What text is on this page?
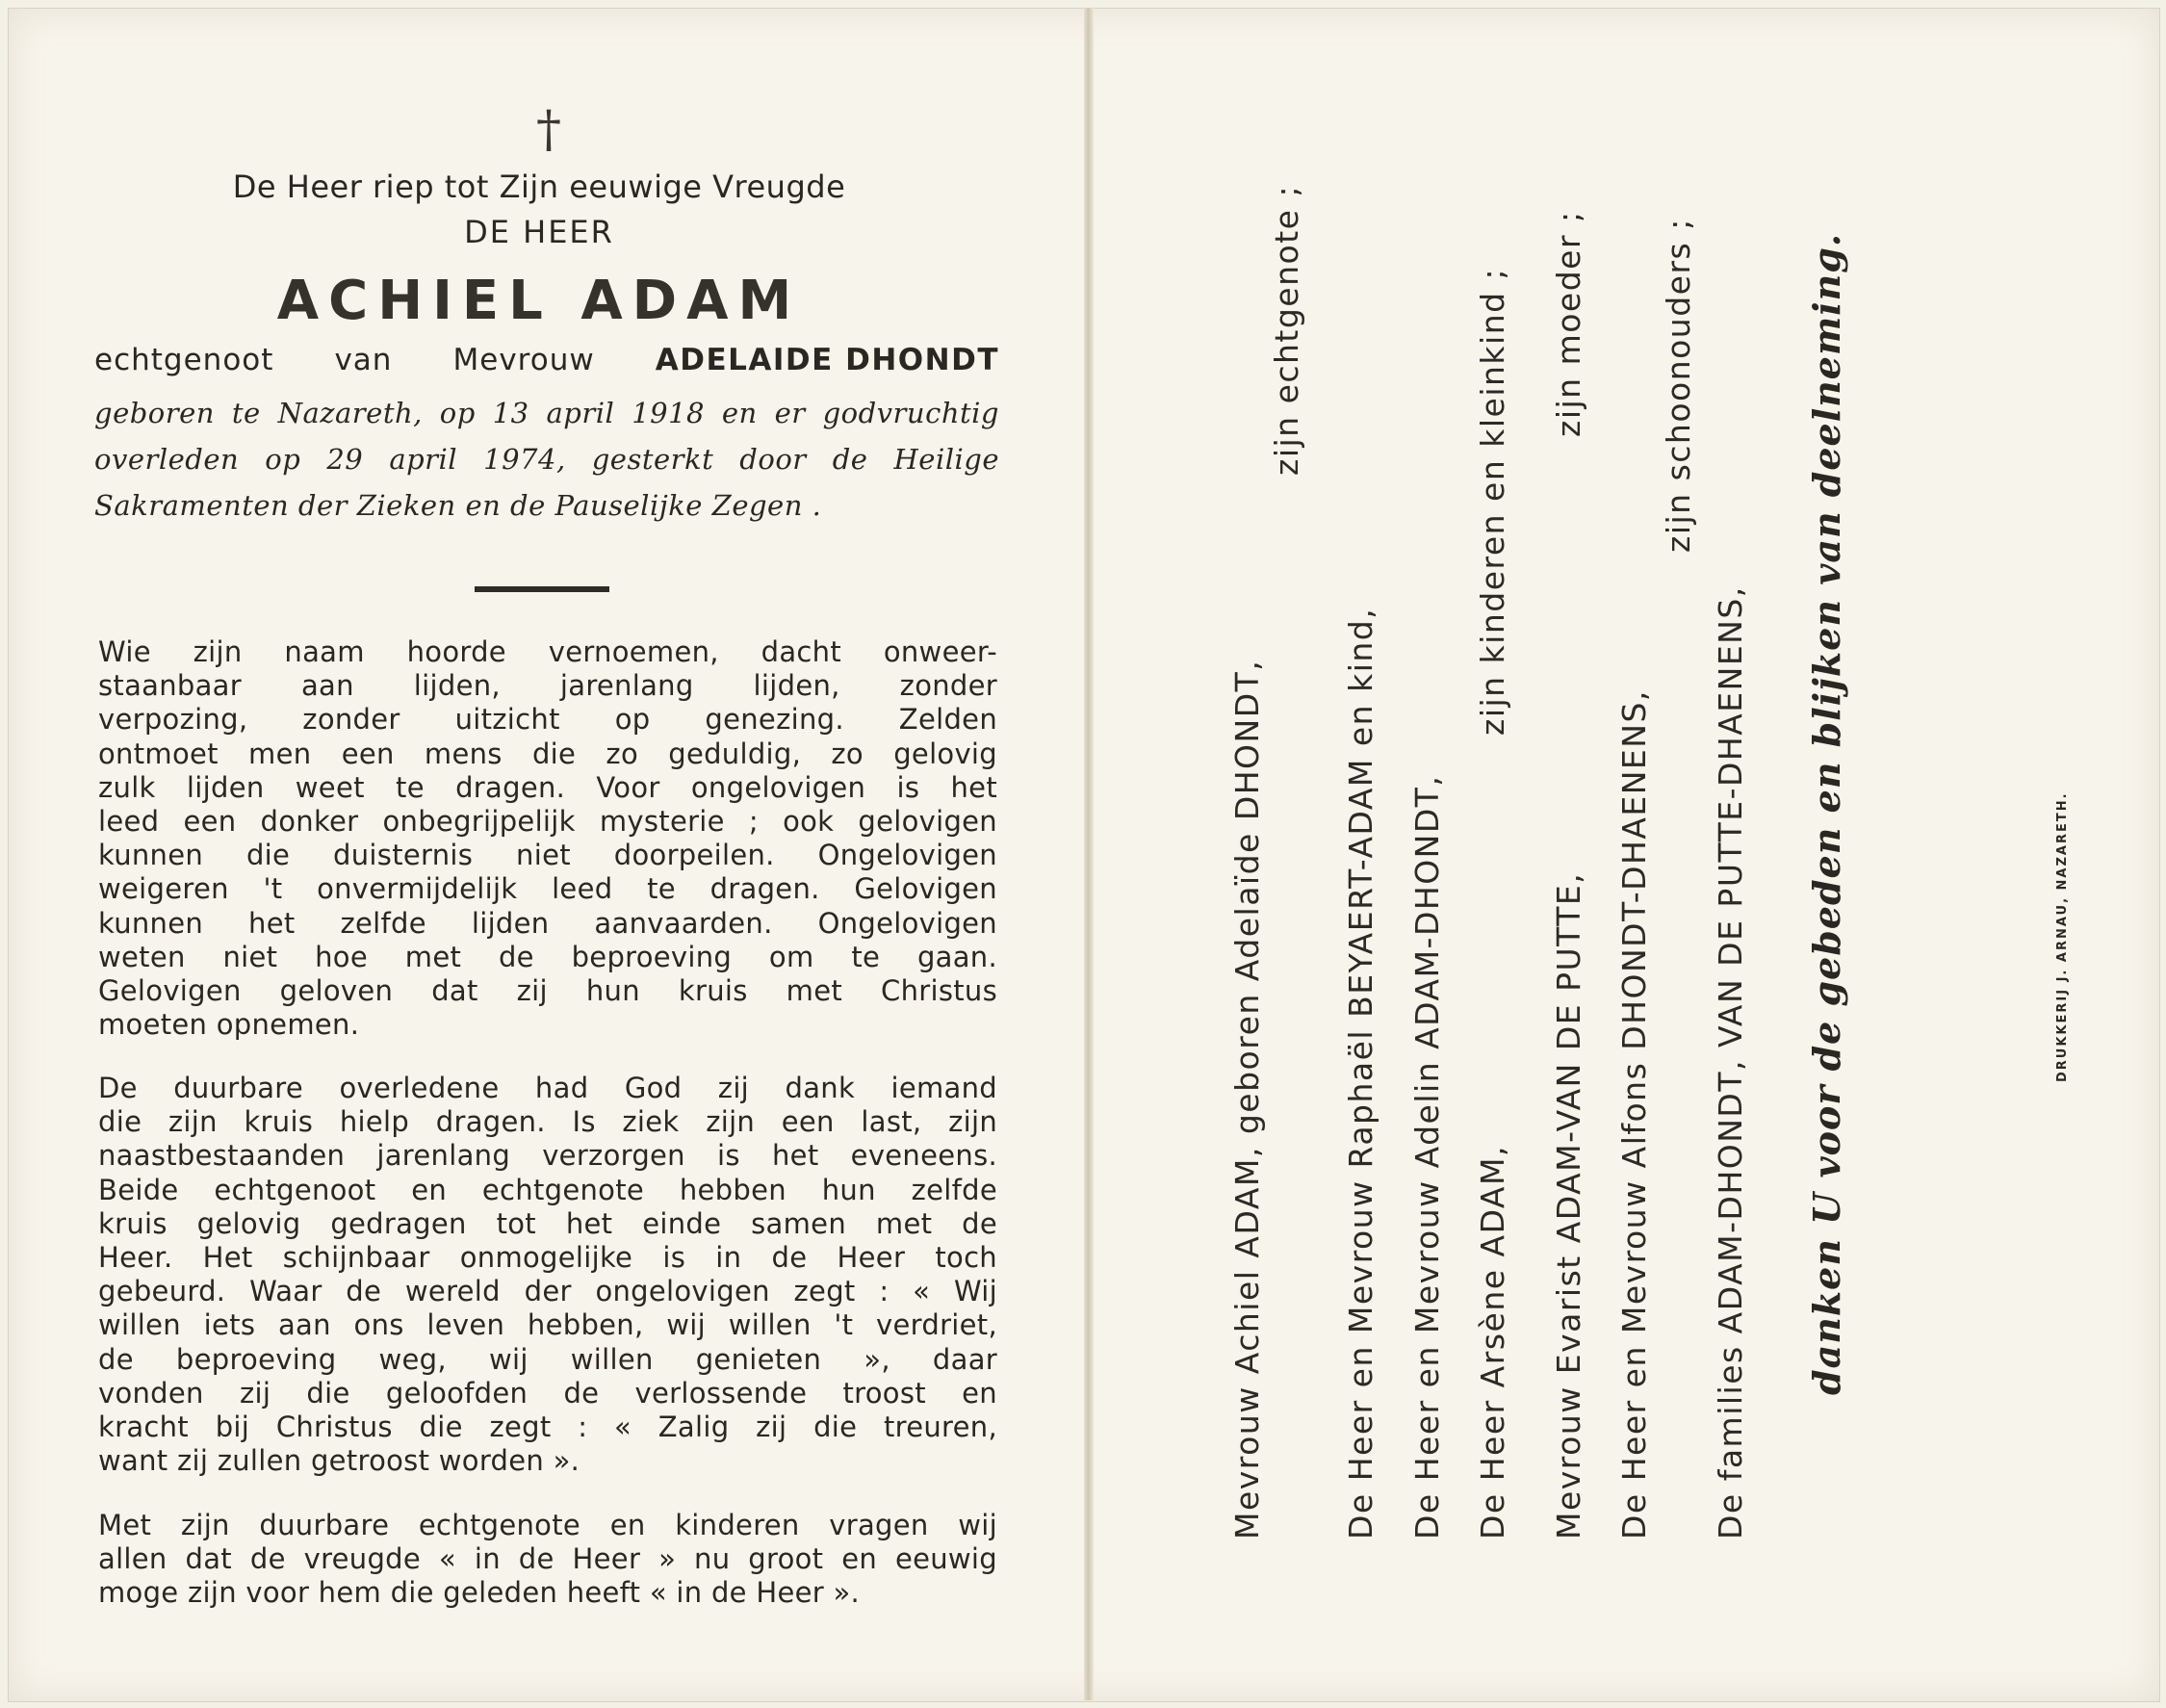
†
De Heer riep tot Zijn eeuwige Vreugde
DE HEER
ACHIEL ADAM
echtgenoot van Mevrouw ADELAIDE DHONDT
geboren te Nazareth, op 13 april 1918 en er godvruchtig
overleden op 29 april 1974, gesterkt door de Heilige
Sakramenten der Zieken en de Pauselijke Zegen .
Wie zijn naam hoorde vernoemen, dacht onweer-
staanbaar aan lijden, jarenlang lijden, zonder
verpozing, zonder uitzicht op genezing. Zelden
ontmoet men een mens die zo geduldig, zo gelovig
zulk lijden weet te dragen. Voor ongelovigen is het
leed een donker onbegrijpelijk mysterie ; ook gelovigen
kunnen die duisternis niet doorpeilen. Ongelovigen
weigeren 't onvermijdelijk leed te dragen. Gelovigen
kunnen het zelfde lijden aanvaarden. Ongelovigen
weten niet hoe met de beproeving om te gaan.
Gelovigen geloven dat zij hun kruis met Christus
moeten opnemen.
De duurbare overledene had God zij dank iemand
die zijn kruis hielp dragen. Is ziek zijn een last, zijn
naastbestaanden jarenlang verzorgen is het eveneens.
Beide echtgenoot en echtgenote hebben hun zelfde
kruis gelovig gedragen tot het einde samen met de
Heer. Het schijnbaar onmogelijke is in de Heer toch
gebeurd. Waar de wereld der ongelovigen zegt : « Wij
willen iets aan ons leven hebben, wij willen 't verdriet,
de beproeving weg, wij willen genieten », daar
vonden zij die geloofden de verlossende troost en
kracht bij Christus die zegt : « Zalig zij die treuren,
want zij zullen getroost worden ».
Met zijn duurbare echtgenote en kinderen vragen wij
allen dat de vreugde « in de Heer » nu groot en eeuwig
moge zijn voor hem die geleden heeft « in de Heer ».
Mevrouw Achiel ADAM, geboren Adelaïde DHONDT,
zijn echtgenote ;
De Heer en Mevrouw Raphaël BEYAERT-ADAM en kind, De Heer en Mevrouw Adelin ADAM-DHONDT, De Heer Arsène ADAM,
zijn kinderen en kleinkind ;
Mevrouw Evarist ADAM-VAN DE PUTTE,
zijn moeder ;
De Heer en Mevrouw Alfons DHONDT-DHAENENS,
zijn schoonouders ;
De families ADAM-DHONDT, VAN DE PUTTE-DHAENENS, danken U voor de gebeden en blijken van deelneming.	DRUKKERIJ J. ARNAU, NAZARETH.
